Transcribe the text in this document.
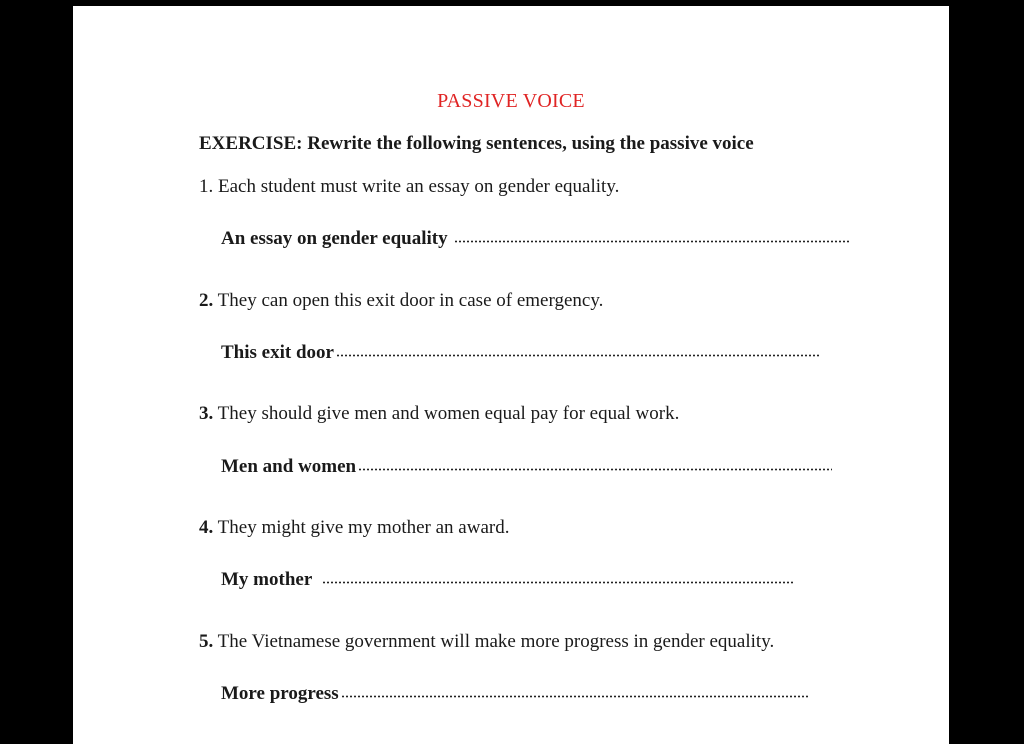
PASSIVE VOICE
EXERCISE: Rewrite the following sentences, using the passive voice
1. Each student must write an essay on gender equality.
An essay on gender equality
2. They can open this exit door in case of emergency.
This exit door
3. They should give men and women equal pay for equal work.
Men and women
4. They might give my mother an award.
My mother
5. The Vietnamese government will make more progress in gender equality.
More progress
